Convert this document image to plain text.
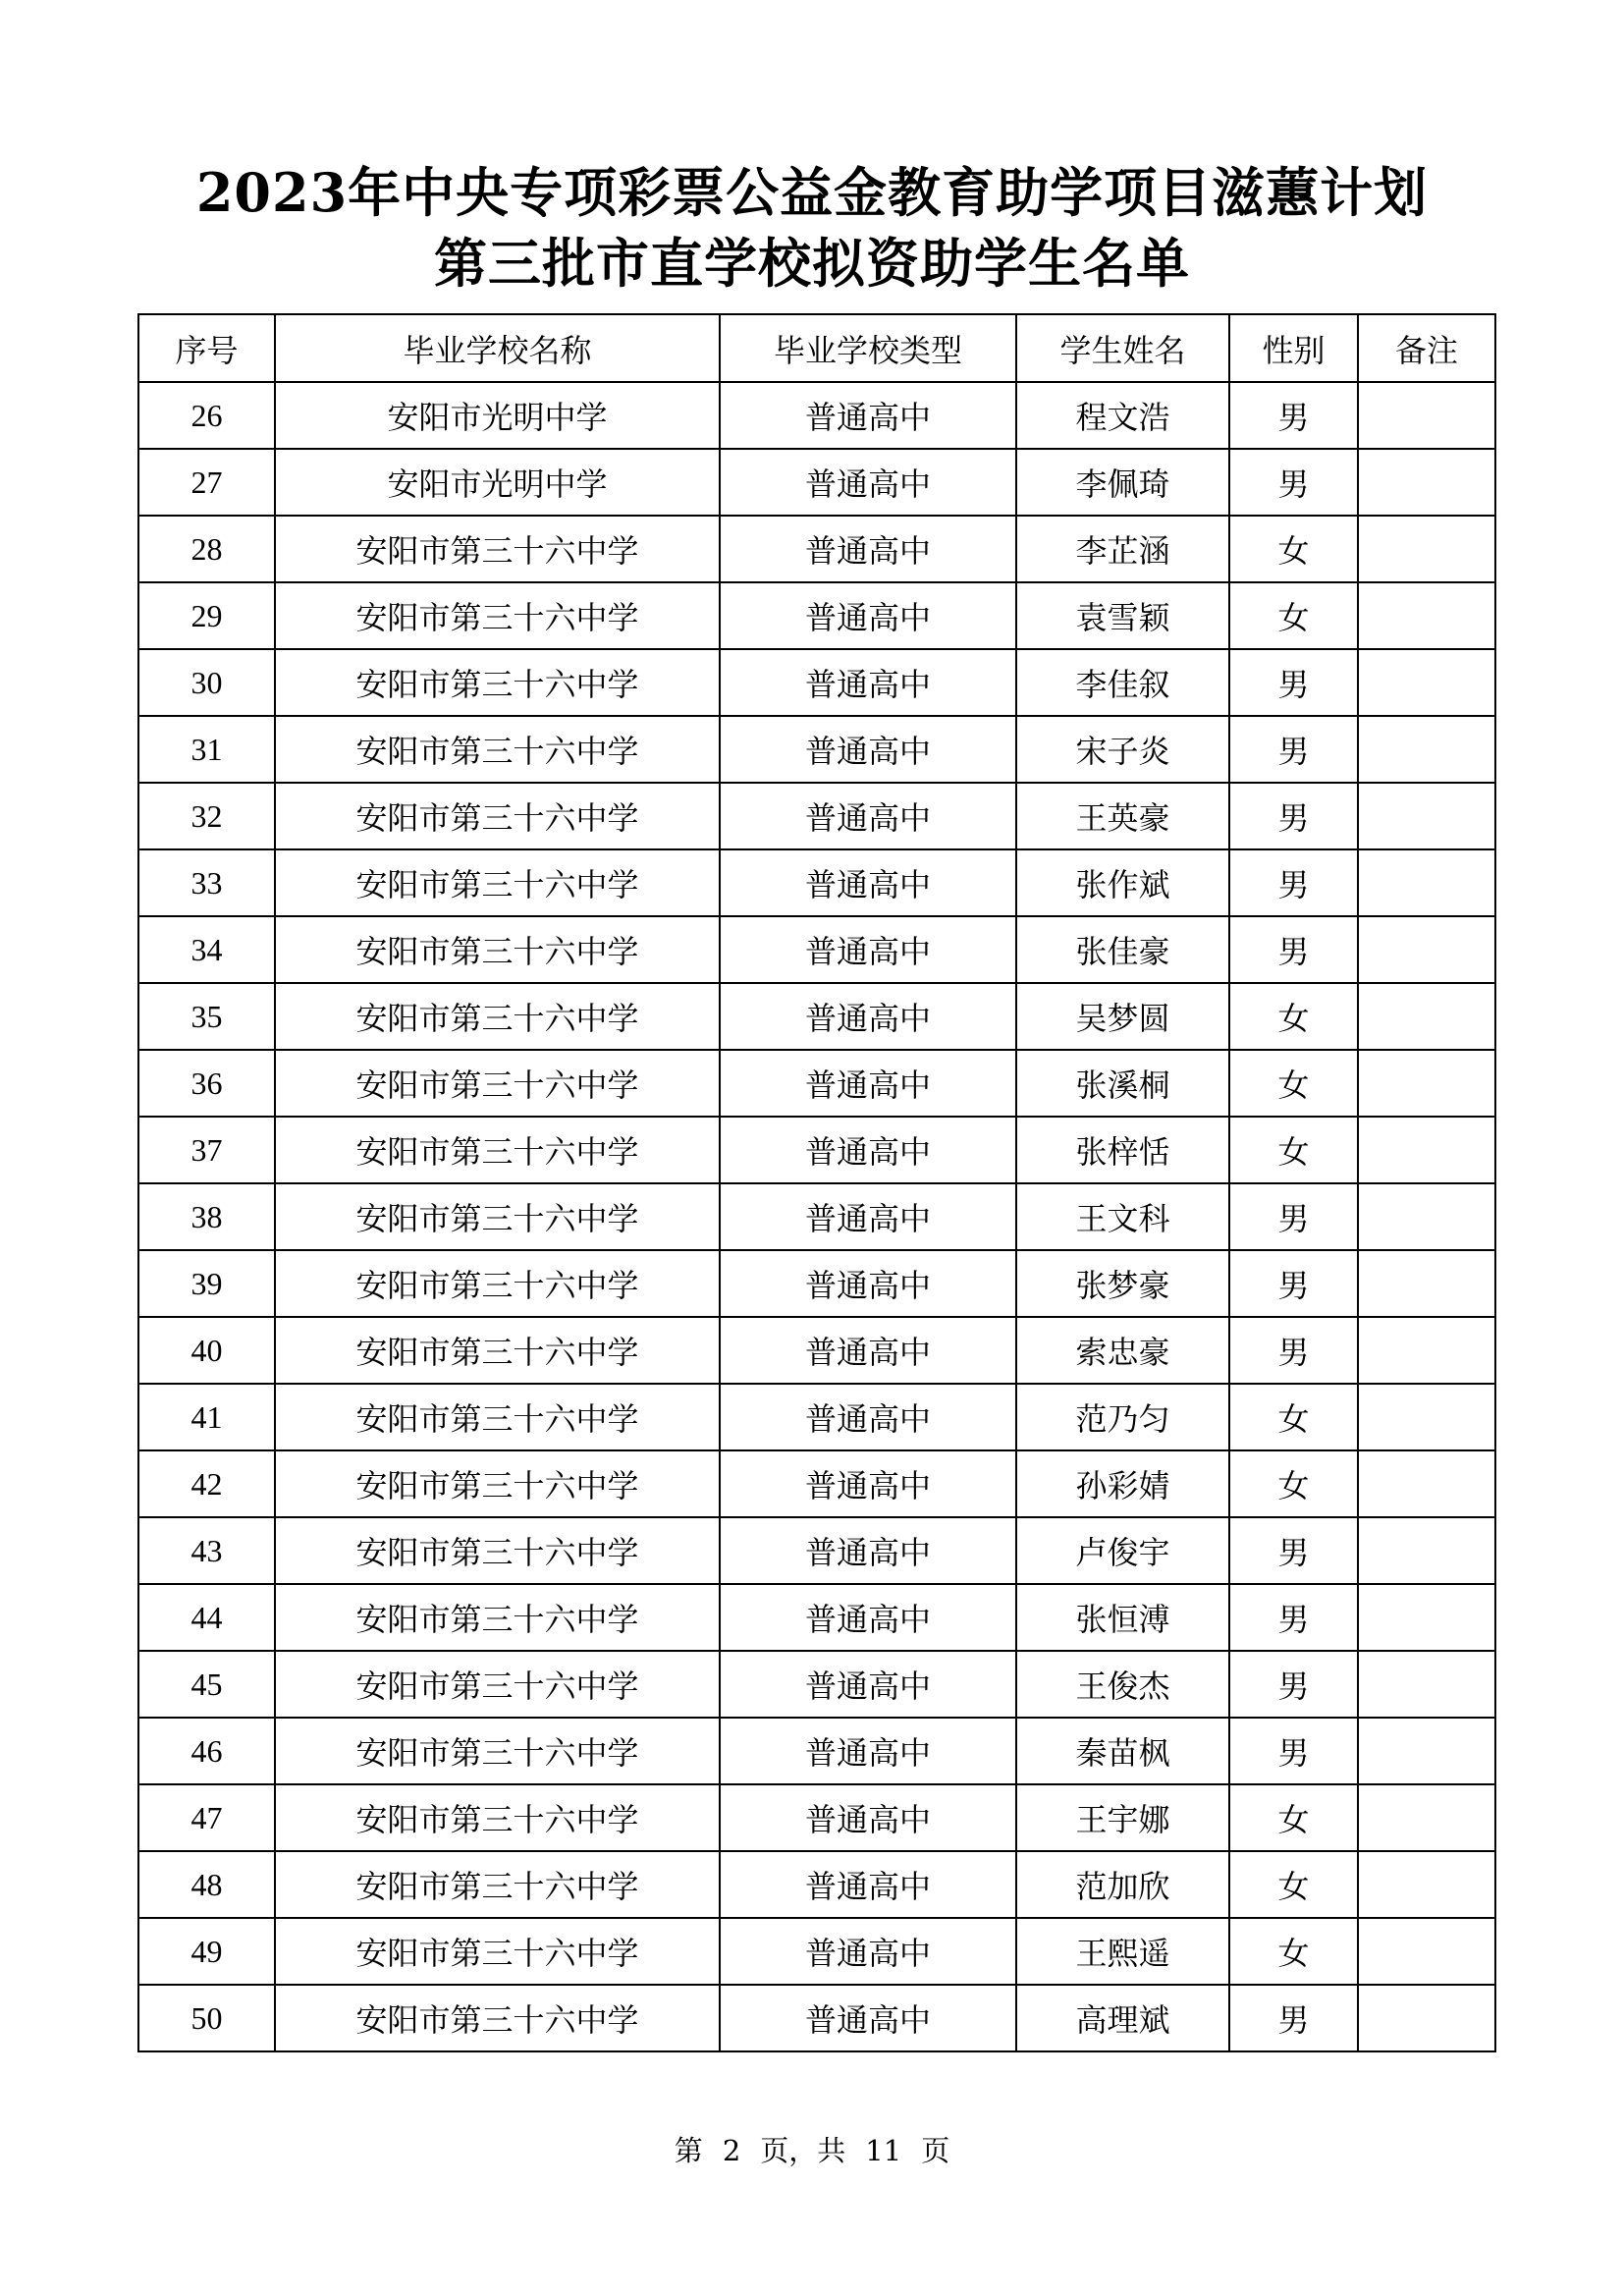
2023年中央专项彩票公益金教育助学项目滋蕙计划
第三批市直学校拟资助学生名单
序号	毕业学校名称	毕业学校类型	学生姓名	性别	备注
26	安阳市光明中学	普通高中	程文浩	男	
27	安阳市光明中学	普通高中	李佩琦	男	
28	安阳市第三十六中学	普通高中	李芷涵	女	
29	安阳市第三十六中学	普通高中	袁雪颖	女	
30	安阳市第三十六中学	普通高中	李佳叙	男	
31	安阳市第三十六中学	普通高中	宋子炎	男	
32	安阳市第三十六中学	普通高中	王英豪	男	
33	安阳市第三十六中学	普通高中	张作斌	男	
34	安阳市第三十六中学	普通高中	张佳豪	男	
35	安阳市第三十六中学	普通高中	吴梦圆	女	
36	安阳市第三十六中学	普通高中	张溪桐	女	
37	安阳市第三十六中学	普通高中	张梓恬	女	
38	安阳市第三十六中学	普通高中	王文科	男	
39	安阳市第三十六中学	普通高中	张梦豪	男	
40	安阳市第三十六中学	普通高中	索忠豪	男	
41	安阳市第三十六中学	普通高中	范乃匀	女	
42	安阳市第三十六中学	普通高中	孙彩婧	女	
43	安阳市第三十六中学	普通高中	卢俊宇	男	
44	安阳市第三十六中学	普通高中	张恒溥	男	
45	安阳市第三十六中学	普通高中	王俊杰	男	
46	安阳市第三十六中学	普通高中	秦苗枫	男	
47	安阳市第三十六中学	普通高中	王宇娜	女	
48	安阳市第三十六中学	普通高中	范加欣	女	
49	安阳市第三十六中学	普通高中	王熙遥	女	
50	安阳市第三十六中学	普通高中	高理斌	男	
第 2 页，共 11 页
